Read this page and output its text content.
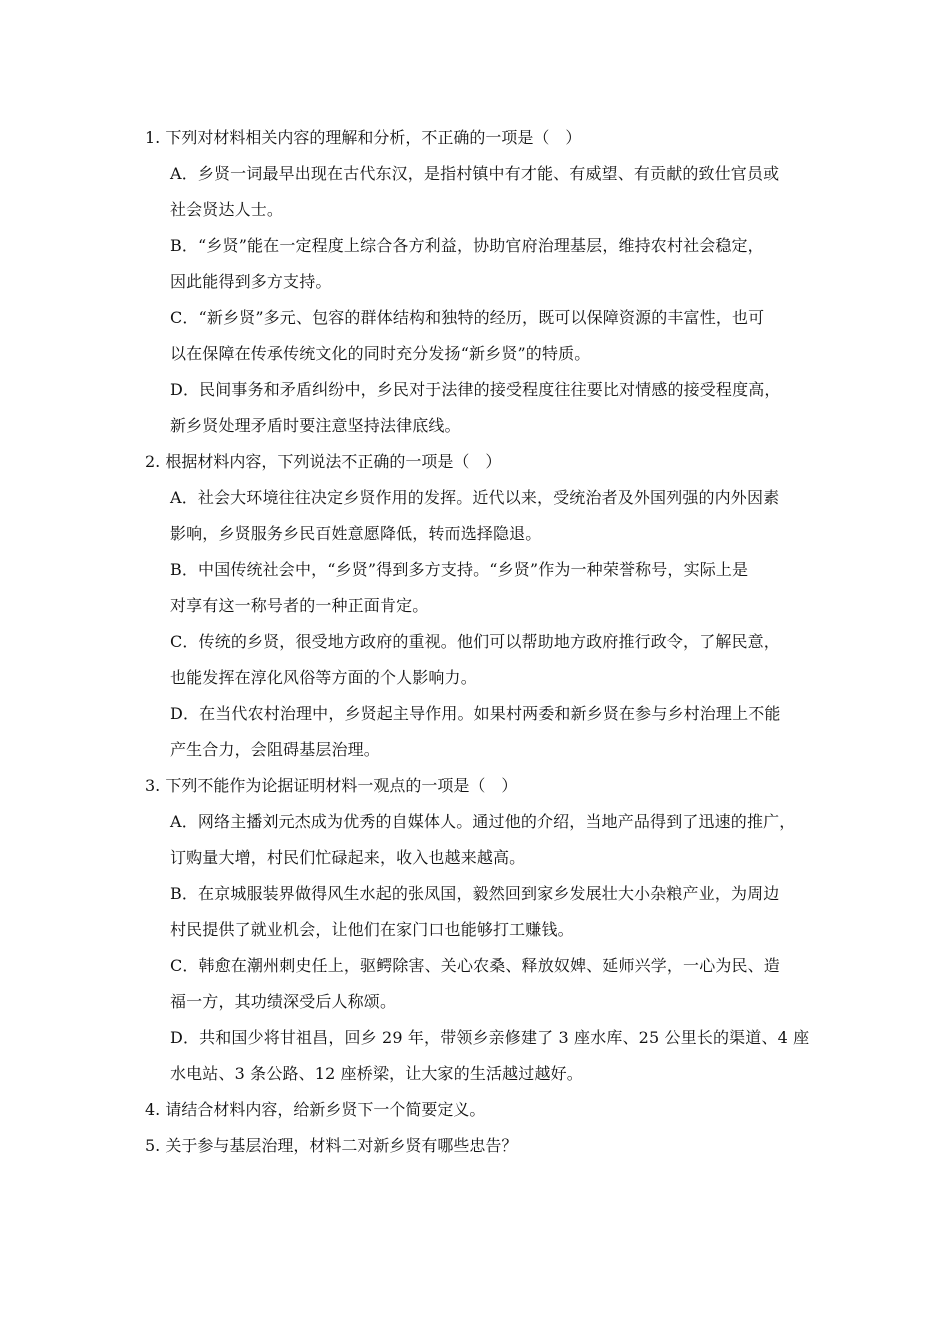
1. 下列对材料相关内容的理解和分析，不正确的一项是（　）
A．乡贤一词最早出现在古代东汉，是指村镇中有才能、有威望、有贡献的致仕官员或
社会贤达人士。
B．“乡贤”能在一定程度上综合各方利益，协助官府治理基层，维持农村社会稳定，
因此能得到多方支持。
C．“新乡贤”多元、包容的群体结构和独特的经历，既可以保障资源的丰富性，也可
以在保障在传承传统文化的同时充分发扬“新乡贤”的特质。
D．民间事务和矛盾纠纷中，乡民对于法律的接受程度往往要比对情感的接受程度高，
新乡贤处理矛盾时要注意坚持法律底线。
2. 根据材料内容，下列说法不正确的一项是（　）
A．社会大环境往往决定乡贤作用的发挥。近代以来，受统治者及外国列强的内外因素
影响，乡贤服务乡民百姓意愿降低，转而选择隐退。
B．中国传统社会中，“乡贤”得到多方支持。“乡贤”作为一种荣誉称号，实际上是
对享有这一称号者的一种正面肯定。
C．传统的乡贤，很受地方政府的重视。他们可以帮助地方政府推行政令，了解民意，
也能发挥在淳化风俗等方面的个人影响力。
D．在当代农村治理中，乡贤起主导作用。如果村两委和新乡贤在参与乡村治理上不能
产生合力，会阻碍基层治理。
3. 下列不能作为论据证明材料一观点的一项是（　）
A．网络主播刘元杰成为优秀的自媒体人。通过他的介绍，当地产品得到了迅速的推广，
订购量大增，村民们忙碌起来，收入也越来越高。
B．在京城服装界做得风生水起的张凤国，毅然回到家乡发展壮大小杂粮产业，为周边
村民提供了就业机会，让他们在家门口也能够打工赚钱。
C．韩愈在潮州刺史任上，驱鳄除害、关心农桑、释放奴婢、延师兴学，一心为民、造
福一方，其功绩深受后人称颂。
D．共和国少将甘祖昌，回乡 29 年，带领乡亲修建了 3 座水库、25 公里长的渠道、4 座
水电站、3 条公路、12 座桥梁，让大家的生活越过越好。
4. 请结合材料内容，给新乡贤下一个简要定义。
5. 关于参与基层治理，材料二对新乡贤有哪些忠告？
